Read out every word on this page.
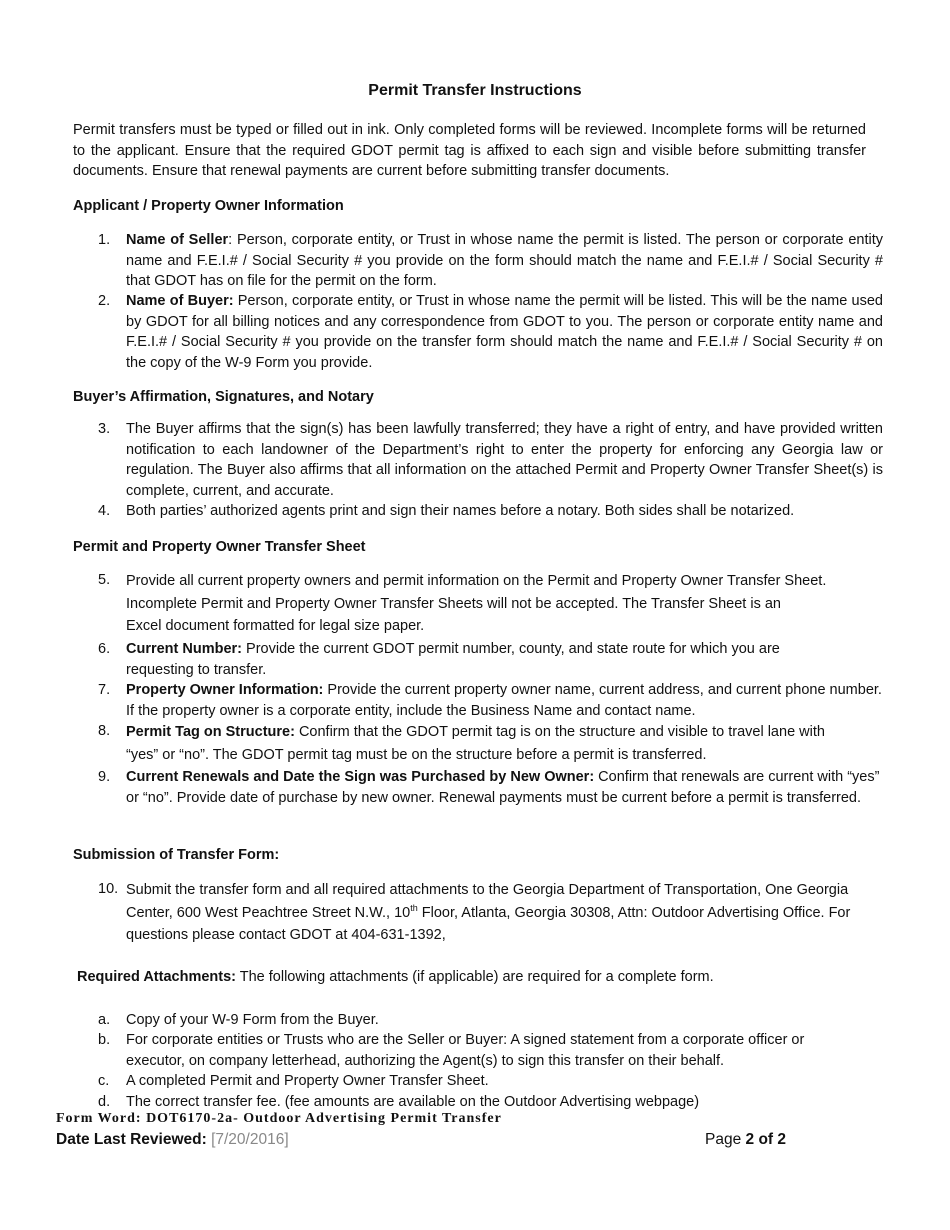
Permit Transfer Instructions
Permit transfers must be typed or filled out in ink. Only completed forms will be reviewed. Incomplete forms will be returned to the applicant. Ensure that the required GDOT permit tag is affixed to each sign and visible before submitting transfer documents. Ensure that renewal payments are current before submitting transfer documents.
Applicant / Property Owner Information
1.	Name of Seller: Person, corporate entity, or Trust in whose name the permit is listed. The person or corporate entity name and F.E.I.# / Social Security # you provide on the form should match the name and F.E.I.# / Social Security # that GDOT has on file for the permit on the form.
2.	Name of Buyer: Person, corporate entity, or Trust in whose name the permit will be listed. This will be the name used by GDOT for all billing notices and any correspondence from GDOT to you. The person or corporate entity name and F.E.I.# / Social Security # you provide on the transfer form should match the name and F.E.I.# / Social Security # on the copy of the W-9 Form you provide.
Buyer’s Affirmation, Signatures, and Notary
3.	The Buyer affirms that the sign(s) has been lawfully transferred; they have a right of entry, and have provided written notification to each landowner of the Department’s right to enter the property for enforcing any Georgia law or regulation. The Buyer also affirms that all information on the attached Permit and Property Owner Transfer Sheet(s) is complete, current, and accurate.
4.	Both parties’ authorized agents print and sign their names before a notary. Both sides shall be notarized.
Permit and Property Owner Transfer Sheet
5.	Provide all current property owners and permit information on the Permit and Property Owner Transfer Sheet.
Incomplete Permit and Property Owner Transfer Sheets will not be accepted. The Transfer Sheet is an
Excel document formatted for legal size paper.
6.	Current Number: Provide the current GDOT permit number, county, and state route for which you are requesting to transfer.
7.	Property Owner Information: Provide the current property owner name, current address, and current phone number. If the property owner is a corporate entity, include the Business Name and contact name.
8.	Permit Tag on Structure: Confirm that the GDOT permit tag is on the structure and visible to travel lane with
“yes” or “no”. The GDOT permit tag must be on the structure before a permit is transferred.
9.	Current Renewals and Date the Sign was Purchased by New Owner: Confirm that renewals are current with “yes” or “no”. Provide date of purchase by new owner. Renewal payments must be current before a permit is transferred.
Submission of Transfer Form:
10. Submit the transfer form and all required attachments to the Georgia Department of Transportation, One Georgia
Center, 600 West Peachtree Street N.W., 10th Floor, Atlanta, Georgia 30308, Attn: Outdoor Advertising Office. For
questions please contact GDOT at 404-631-1392,
Required Attachments: The following attachments (if applicable) are required for a complete form.
a.	Copy of your W-9 Form from the Buyer.
b.	For corporate entities or Trusts who are the Seller or Buyer: A signed statement from a corporate officer or executor, on company letterhead, authorizing the Agent(s) to sign this transfer on their behalf.
c.	A completed Permit and Property Owner Transfer Sheet.
d.	The correct transfer fee. (fee amounts are available on the Outdoor Advertising webpage)
Form Word: DOT6170-2a- Outdoor Advertising Permit Transfer
Date Last Reviewed: [7/20/2016]	Page 2 of 2
